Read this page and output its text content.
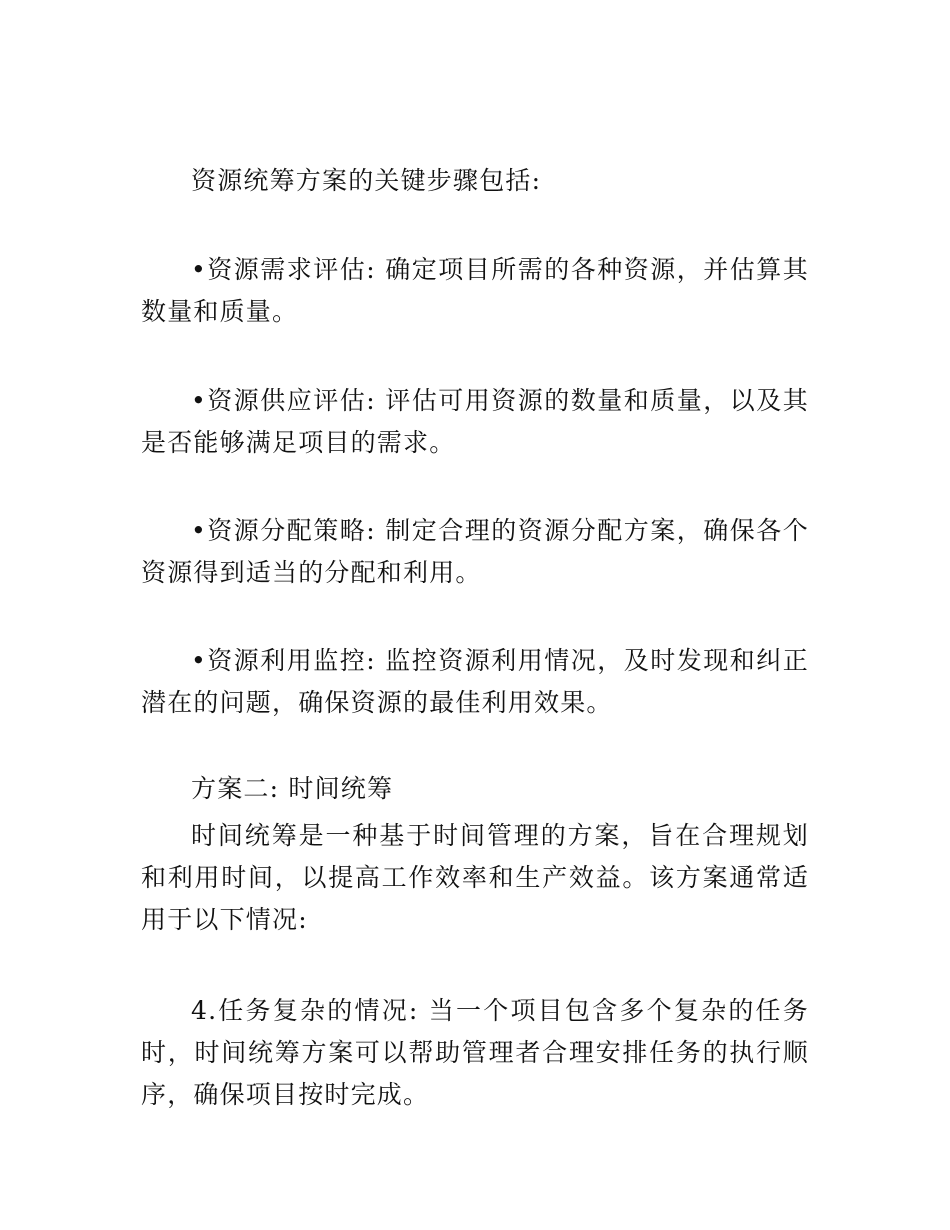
资源统筹方案的关键步骤包括:

•资源需求评估: 确定项目所需的各种资源，并估算其数量和质量。

•资源供应评估: 评估可用资源的数量和质量，以及其是否能够满足项目的需求。

•资源分配策略: 制定合理的资源分配方案，确保各个资源得到适当的分配和利用。

•资源利用监控: 监控资源利用情况，及时发现和纠正潜在的问题，确保资源的最佳利用效果。

方案二: 时间统筹

时间统筹是一种基于时间管理的方案，旨在合理规划和利用时间，以提高工作效率和生产效益。该方案通常适用于以下情况:

4.任务复杂的情况: 当一个项目包含多个复杂的任务时，时间统筹方案可以帮助管理者合理安排任务的执行顺序，确保项目按时完成。
